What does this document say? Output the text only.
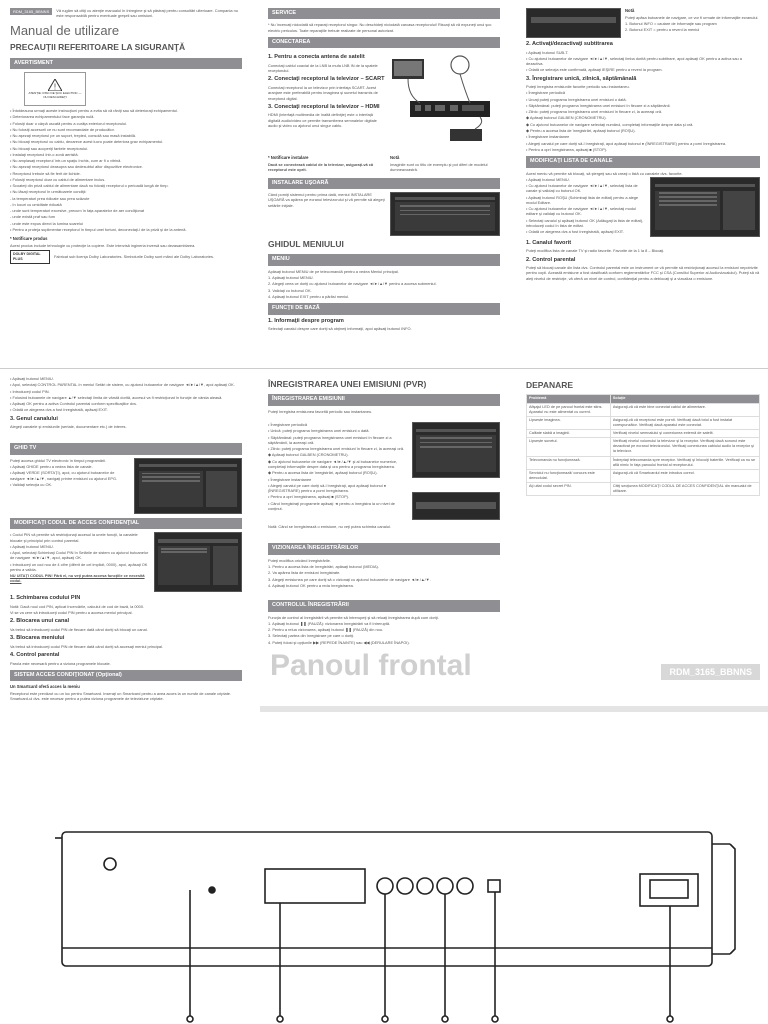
RDM_3165_BBNNS	Vă rugăm să citiţi cu atenţie manualul în întregime şi să păstraţi pentru consultări ulterioare. Compania nu este responsabilă pentru eventuale greşeli sau omisiuni.
Manual de utilizare
PRECAUŢII REFERITOARE LA SIGURANŢĂ
AVERTISMENT
!
ATENŢIE: RISC DE ŞOC ELECTRIC — NU DESCHIDEŢI
• Întotdeauna urmaţi aceste instrucţiuni pentru a evita să vă răniţi sau să deterioraţi echipamentul.
• Deteriorarea echipamentului face garanţia nulă.
• Folosiţi doar o cârpă uscată pentru a curăţa exteriorul receptorului.
• Nu folosiţi accesorii ce nu sunt recomandate de producător.
• Nu aşezaţi receptorul pe un suport, trepied, consolă sau masă instabilă.
• Nu blocaţi receptorul cu cablu, deoarece acest lucru poate deteriora grav echipamentul.
• Nu blocaţi sau acoperiţi fantele receptorului.
• Instalaţi receptorul într-o zonă aerisită.
• Nu amplasaţi receptorul într-un spaţiu închis, cum ar fi o vitrină.
• Nu aşezaţi receptorul deasupra sau dedesubtul altor dispozitive electronice.
• Receptorul trebuie să fie ferit de lichide.
• Folosiţi receptorul doar cu cablul de alimentare inclus.
• Scoateţi din priză cablul de alimentare dacă nu folosiţi receptorul o perioadă lungă de timp.
• Nu lăsaţi receptorul în următoarele condiţii:
- la temperaturi prea ridicate sau prea scăzute
- în locuri cu umiditate ridicată
- unde sunt temperaturi excesive, precum în faţa aparatelor de aer condiţionat
- unde există praf sau fum
- unde este expus direct la lumina soarelui
• Pentru a proteja suplimentar receptorul în timpul unei furtuni, deconectaţi-l de la priză şi de la antenă.
* Notificare produs
Acest produs include tehnologie cu protecţie la copiere. Este interzisă ingineria inversă sau dezasamblarea.
DOLBY DIGITAL PLUS
Fabricat sub licenţa Dolby Laboratories. Simbolurile Dolby sunt mărci ale Dolby Laboratories.
SERVICE
* Nu încercaţi niciodată să reparaţi receptorul singur. Nu deschideţi niciodată carcasa receptorului! Riscaţi să vă expuneţi unui şoc electric periculos. Toate reparaţiile trebuie realizate de personal autorizat.
CONECTAREA
1. Pentru a conecta antena de satelit
Conectaţi cablul coaxial de la LNB la mufa LNB IN de la spatele receptorului.
2. Conectaţi receptorul la televizor – SCART
Conectaţi receptorul la un televizor prin interfaţa SCART. Acest aranjare este preferabilă pentru imaginea şi sunetul transmis de receptorul digital.
3. Conectaţi receptorul la televizor – HDMI
HDMI (interfaţă multimedia de înaltă definiţie) este o interfaţă digitală audio/video ce permite transmiterea semnalelor digitale audio şi video cu ajutorul unui singur cablu.
* Notificare instalare
Dacă se conectează cablul de la televizor, asiguraţi-vă că receptorul este oprit.
Notă
Imaginile sunt cu titlu de exemplu şi pot diferi de modelul dumneavoastră.
INSTALARE UŞOARĂ
Când porniţi sistemul pentru prima dată, meniul INSTALARE UŞOARĂ va apărea pe ecranul televizorului şi vă permite să alegeţi setările iniţiale.
GHIDUL MENIULUI
MENIU
Apăsaţi butonul MENIU de pe telecomandă pentru a vedea Meniul principal.
1. Apăsaţi butonul MENIU.
2. Alegeţi ceea ce doriţi cu ajutorul butoanelor de navigare ◄/►/▲/▼ pentru a accesa submeniul.
3. Validaţi cu butonul OK.
4. Apăsaţi butonul EXIT pentru a părăsi meniul.
FUNCŢII DE BAZĂ
1. Informaţii despre program
Selectaţi canalul despre care doriţi să obţineţi informaţii, apoi apăsaţi butonul INFO.
Notă
Puteţi apăsa butoanele de navigare, ce vor fi urmate de informaţiile ecranului.
1. Butonul INFO = cautare de informaţie sau program
2. Butonul EXIT = pentru a reveni la meniul
2. Activaţi/dezactivaţi subtitrarea
• Apăsaţi butonul SUB-T.
• Cu ajutorul butoanelor de navigare ◄/►/▲/▼, selectaţi limba dorită pentru subtitrare, apoi apăsaţi OK pentru a activa sau a dezactiva.
• Odată ce selecţia este confirmată, apăsaţi IEŞIRE pentru a reveni la program.
3. Înregistrare unică, zilnică, săptămânală
Puteţi înregistra emisiunile favorite periodic sau instantaneu.
• Înregistrare periodică
• Urcaţi puteţi programa înregistrarea unei emisiuni o dată.
• Săptămânal: puteţi programa înregistrarea unei emisiuni în fiecare zi a săptămânii.
• Zilnic: puteţi programa înregistrarea unei emisiuni în fiecare zi, la aceeaşi oră.
◆ Apăsaţi butonul GALBEN (CRONOMETRU).
◆ Cu ajutorul butoanelor de navigare selectaţi numărul, completaţi informaţiile despre data şi oră.
◆ Pentru a accesa lista de înregistrări, apăsaţi butonul (ROŞU).
• Înregistrare instantanee
• Alegeţi canalul pe care doriţi să-l înregistraţi, apoi apăsaţi butonul ● (ÎNREGISTRARE) pentru a porni înregistrarea.
• Pentru a opri înregistrarea, apăsaţi ■ (STOP).
MODIFICAŢI LISTA DE CANALE
Acest meniu vă permite să blocaţi, să ştergeţi sau să creaţi o listă cu canalele dvs. favorite.
• Apăsaţi butonul MENIU.
• Cu ajutorul butoanelor de navigare ◄/►/▲/▼, selectaţi lista de canale şi validaţi cu butonul OK.
• Apăsaţi butonul ROŞU (Schimbaţi lista de editat) pentru a alege modul Editare.
• Cu ajutorul butoanelor de navigare ◄/►/▲/▼, selectaţi modul editare şi validaţi cu butonul OK.
• Selectaţi canalul şi apăsaţi butonul OK (Adăugaţi la lista de editat), introduceţi codul în lista de editat.
• Odată ce alegerea dvs a fost înregistrată, apăsaţi EXIT.
1. Canalul favorit
Puteţi modifica lista de canale TV şi radio favorite. Favorite de la 1 la 8 – Blocaţi.
2. Control parental
Puteţi să blocaţi canale din lista dvs. Controlul parental este un instrument ce vă permite să restricţionaţi accesul la emisiuni nepotrivite pentru copii. Această emisiune a fost clasificată conform reglementărilor FCC şi CSA (Consiliul Superior al Audiovizualului). Puteţi să vă aleţi nivelul de restricţie, vă oferă un nivel de control, confidenţial pentru a deblocaţi şi a vizualiza o emisiune.
• Apăsaţi butonul MENIU.
• Apoi, selectaţi CONTROL PARENTAL în meniul Setări de sistem, cu ajutorul butoanelor de navigare ◄/►/▲/▼, apoi apăsaţi OK.
• Introduceţi codul PIN.
• Folosind butoanele de navigare ▲/▼ selectaţi limita de vârstă dorită, accesul va fi restricţionat în funcţie de vârsta aleasă.
• Apăsaţi OK pentru a activa Controlul parental conform specificaţiilor dvs.
• Odată ce alegerea dvs a fost înregistrată, apăsaţi EXIT.
3. Genul canalului
Alegeţi canalele şi emisiunile (sertale, documentare etc.) de interes.
GHID TV
Puteţi accesa ghidul TV electronic în timpul programării.
• Apăsaţi GHIDE pentru a vedea lista de canale.
• Apăsaţi VERDE (SORTAŢI), apoi, cu ajutorul butoanelor de navigare ◄/►/▲/▼, navigaţi printre emisiuni cu ajutorul EPG.
• Validaţi selecţia cu OK.
MODIFICAŢI CODUL DE ACCES CONFIDENŢIAL
• Codul PIN vă permite să restricţionaţi accesul la unele funcţii, la canalele blocate şi principiul prin control parental.
• Apăsaţi butonul MENIU.
• Apoi, selectaţi Schimbaţi Codul PIN în Setările de sistem cu ajutorul butoanelor de navigare ◄/►/▲/▼, apoi, apăsaţi OK.
• Introduceţi un cod nou de 4 cifre (diferit de cel implicit, 0000), apoi, apăsaţi OK pentru a valida.
NU UITAŢI CODUL PIN! Fără el, nu veţi putea accesa funcţiile ce necesită codul.
1. Schimbarea codului PIN
Notă: Dacă noul cod PIN, aplicat încercările, calculul de cod de bază, la 0000.
Vi se va cere să introduceţi codul PIN pentru a accesa meniul principal.
2. Blocarea unui canal
Va trebui să introduceţi codul PIN de fiecare dată când doriţi să blocaţi un canal.
3. Blocarea meniului
Va trebui să introduceţi codul PIN de fiecare dată când doriţi să accesaţi meniul principal.
4. Control parental
Parola este necesară pentru a viziona programele blocate.
SISTEM ACCES CONDIŢIONAT (Opţional)
Un Smartcard oferă acces la meniu
Receptorul este prevăzut cu un loc pentru Smartcard. Inseraţi un Smartcard pentru a avea acces la un număr de canale criptate. Smartcard-ul dvs. este necesar pentru a putea viziona programele de televiziune criptate.
ÎNREGISTRAREA UNEI EMISIUNI (PVR)
ÎNREGISTRAREA EMISIUNII
Puteţi înregistra emisiunea favorită periodic sau instantaneu.
• Înregistrare periodică
• Unică: puteţi programa înregistrarea unei emisiuni o dată.
• Săptămânal: puteţi programa înregistrarea unei emisiuni în fiecare zi a săptămânii, la aceeaşi oră.
• Zilnic: puteţi programa înregistrarea unei emisiuni în fiecare zi, la aceeaşi oră.
◆ Apăsaţi butonul GALBEN (CRONOMETRU).
◆ Cu ajutorul butoanelor de navigare ◄/►/▲/▼ şi al butoanelor numerice, completaţi informaţiile despre data şi ora pentru a programa înregistrarea.
◆ Pentru a accesa lista de înregistrări, apăsaţi butonul (ROŞU).
• Înregistrare instantanee
• Alegeţi canalul pe care doriţi să-l înregistraţi, apoi apăsaţi butonul ● (ÎNREGISTRARE) pentru a porni înregistrarea.
• Pentru a opri înregistrarea, apăsaţi ■ (STOP).
• Când înregistraţi programele apăsaţi ◄ pentru a înregistra la un nivel de conţinut.
Notă: Când se înregistrează o emisiune, nu veţi putea schimba canalul.
VIZIONAREA ÎNREGISTRĂRILOR
Puteţi modifica oricând înregistrările.
1. Pentru a accesa lista de înregistrări, apăsaţi butonul (MEDIA).
2. Va apărea lista de emisiuni înregistrate.
3. Alegeţi emisiunea pe care doriţi să o vizionaţi cu ajutorul butoanelor de navigare ◄/►/▲/▼.
4. Apăsaţi butonul OK pentru a reda înregistrarea.
CONTROLUL ÎNREGISTRĂRII
Funcţia de control al înregistrării vă permite să întrerupeţi şi să reluaţi înregistrarea după cum doriţi.
1. Apăsaţi butonul ❚❚ (PAUZĂ): vizionarea înregistrării va fi întreruptă.
2. Pentru a relua vizionarea, apăsaţi butonul ❚❚ (PAUZĂ) din nou.
3. Selectaţi partea din înregistrare pe care o doriţi.
4. Puteţi folosi şi opţiunile ▶▶ (REPEDE ÎNAINTE) sau ◀◀ (DERULARE ÎNAPOI).
DEPANARE
Problemă	Soluţie
Afişajul LED de pe panoul frontal este stins. Aparatul nu este alimentat cu curent.	Asiguraţi-vă că este bine conectat cablul de alimentare.
Lipsește imaginea.	Asiguraţi-vă că receptorul este pornit. Verificaţi dacă totul a fost instalat corespunzător. Verificaţi dacă aparatul este conectat.
Calitate slabă a imaginii.	Verificaţi nivelul semnalului şi conexiunea externă de satelit.
Lipsește sunetul.	Verificaţi nivelul volumului la televizor şi la receptor. Verificaţi dacă sonorul este dezactivat pe ecranul televizorului. Verificaţi conexiunea cablului audio la receptor şi la televizor.
Telecomanda nu funcţionează.	Îndreptaţi telecomanda spre receptor. Verificaţi şi înlocuiţi bateriile. Verificaţi ca nu se află nimic în faţa panoului frontal al receptorului.
Serviciul nu funcţionează/ concurs este demodulat.	Asiguraţi-vă că Smartcardul este introdus corect.
Aţi uitat codul secret PIN.	Citiţi secţiunea MODIFICAŢI CODUL DE ACCES CONFIDENŢIAL din manualul de utilizare.
Panoul frontal	RDM_3165_BBNNS
